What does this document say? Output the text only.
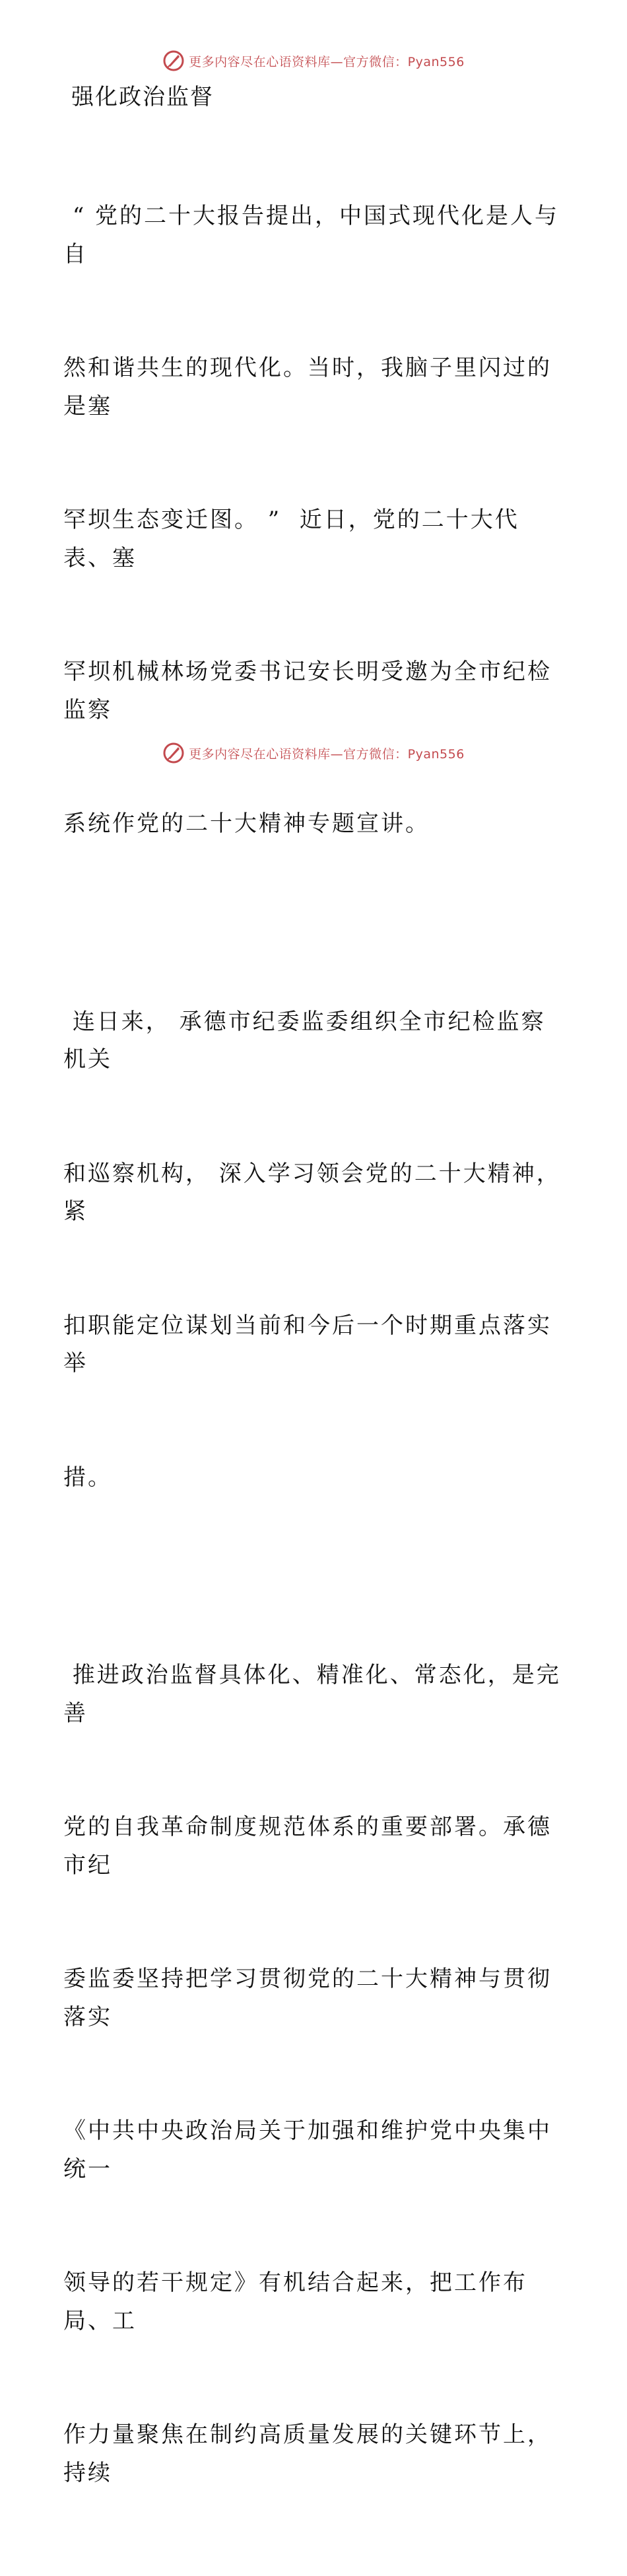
更多内容尽在心语资料库—官方微信：Pyan556
强化政治监督

“ 党的二十大报告提出，中国式现代化是人与自

然和谐共生的现代化。当时，我脑子里闪过的是塞

罕坝生态变迁图。 ”  近日，党的二十大代表、塞

罕坝机械林场党委书记安长明受邀为全市纪检监察

系统作党的二十大精神专题宣讲。

连日来， 承德市纪委监委组织全市纪检监察机关

和巡察机构， 深入学习领会党的二十大精神，紧

扣职能定位谋划当前和今后一个时期重点落实举

措。

推进政治监督具体化、精准化、常态化，是完善

党的自我革命制度规范体系的重要部署。承德市纪

委监委坚持把学习贯彻党的二十大精神与贯彻落实

《中共中央政治局关于加强和维护党中央集中统一

领导的若干规定》有机结合起来，把工作布局、工

作力量聚焦在制约高质量发展的关键环节上，持续

更多内容尽在心语资料库—官方微信：Pyan556
